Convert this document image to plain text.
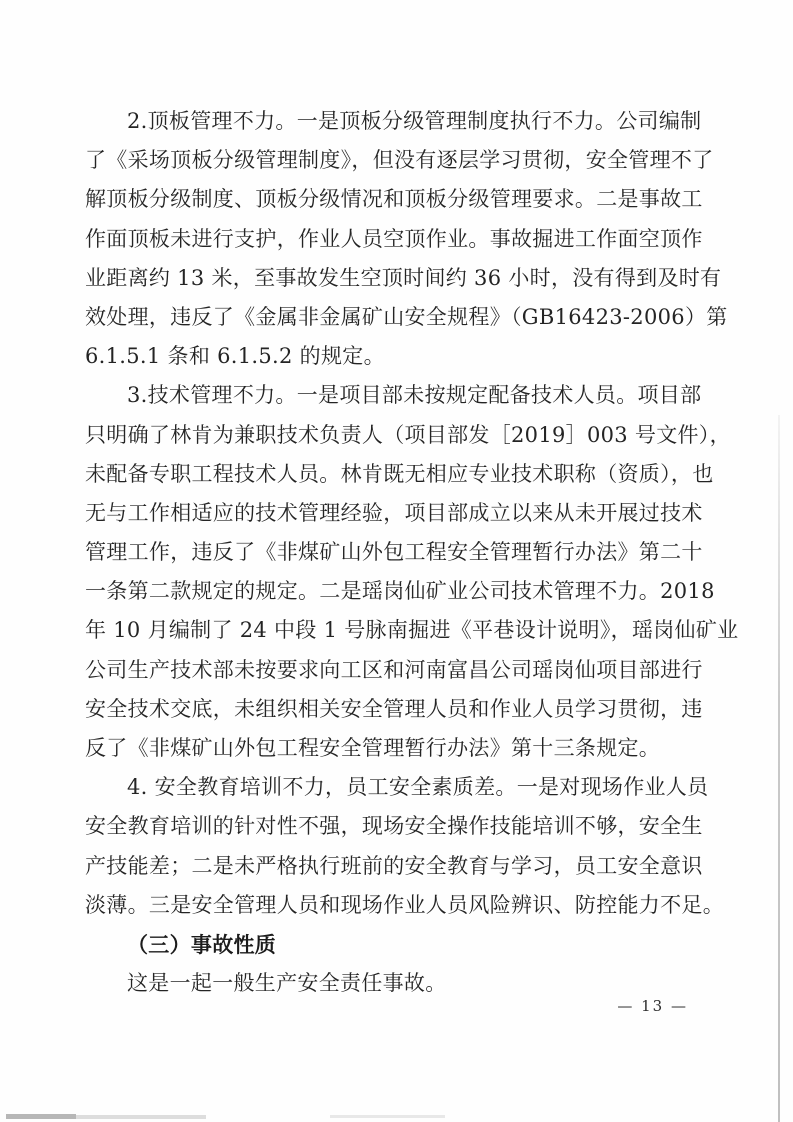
2.顶板管理不力。一是顶板分级管理制度执行不力。公司编制
了《采场顶板分级管理制度》，但没有逐层学习贯彻，安全管理不了
解顶板分级制度、顶板分级情况和顶板分级管理要求。二是事故工
作面顶板未进行支护，作业人员空顶作业。事故掘进工作面空顶作
业距离约 13 米，至事故发生空顶时间约 36 小时，没有得到及时有
效处理，违反了《金属非金属矿山安全规程》（GB16423-2006）第
6.1.5.1 条和 6.1.5.2 的规定。
3.技术管理不力。一是项目部未按规定配备技术人员。项目部
只明确了林肯为兼职技术负责人（项目部发［2019］003 号文件），
未配备专职工程技术人员。林肯既无相应专业技术职称（资质），也
无与工作相适应的技术管理经验，项目部成立以来从未开展过技术
管理工作，违反了《非煤矿山外包工程安全管理暂行办法》第二十
一条第二款规定的规定。二是瑶岗仙矿业公司技术管理不力。2018
年 10 月编制了 24 中段 1 号脉南掘进《平巷设计说明》，瑶岗仙矿业
公司生产技术部未按要求向工区和河南富昌公司瑶岗仙项目部进行
安全技术交底，未组织相关安全管理人员和作业人员学习贯彻，违
反了《非煤矿山外包工程安全管理暂行办法》第十三条规定。
4. 安全教育培训不力，员工安全素质差。一是对现场作业人员
安全教育培训的针对性不强，现场安全操作技能培训不够，安全生
产技能差；二是未严格执行班前的安全教育与学习，员工安全意识
淡薄。三是安全管理人员和现场作业人员风险辨识、防控能力不足。
（三）事故性质
这是一起一般生产安全责任事故。
— 13 —
